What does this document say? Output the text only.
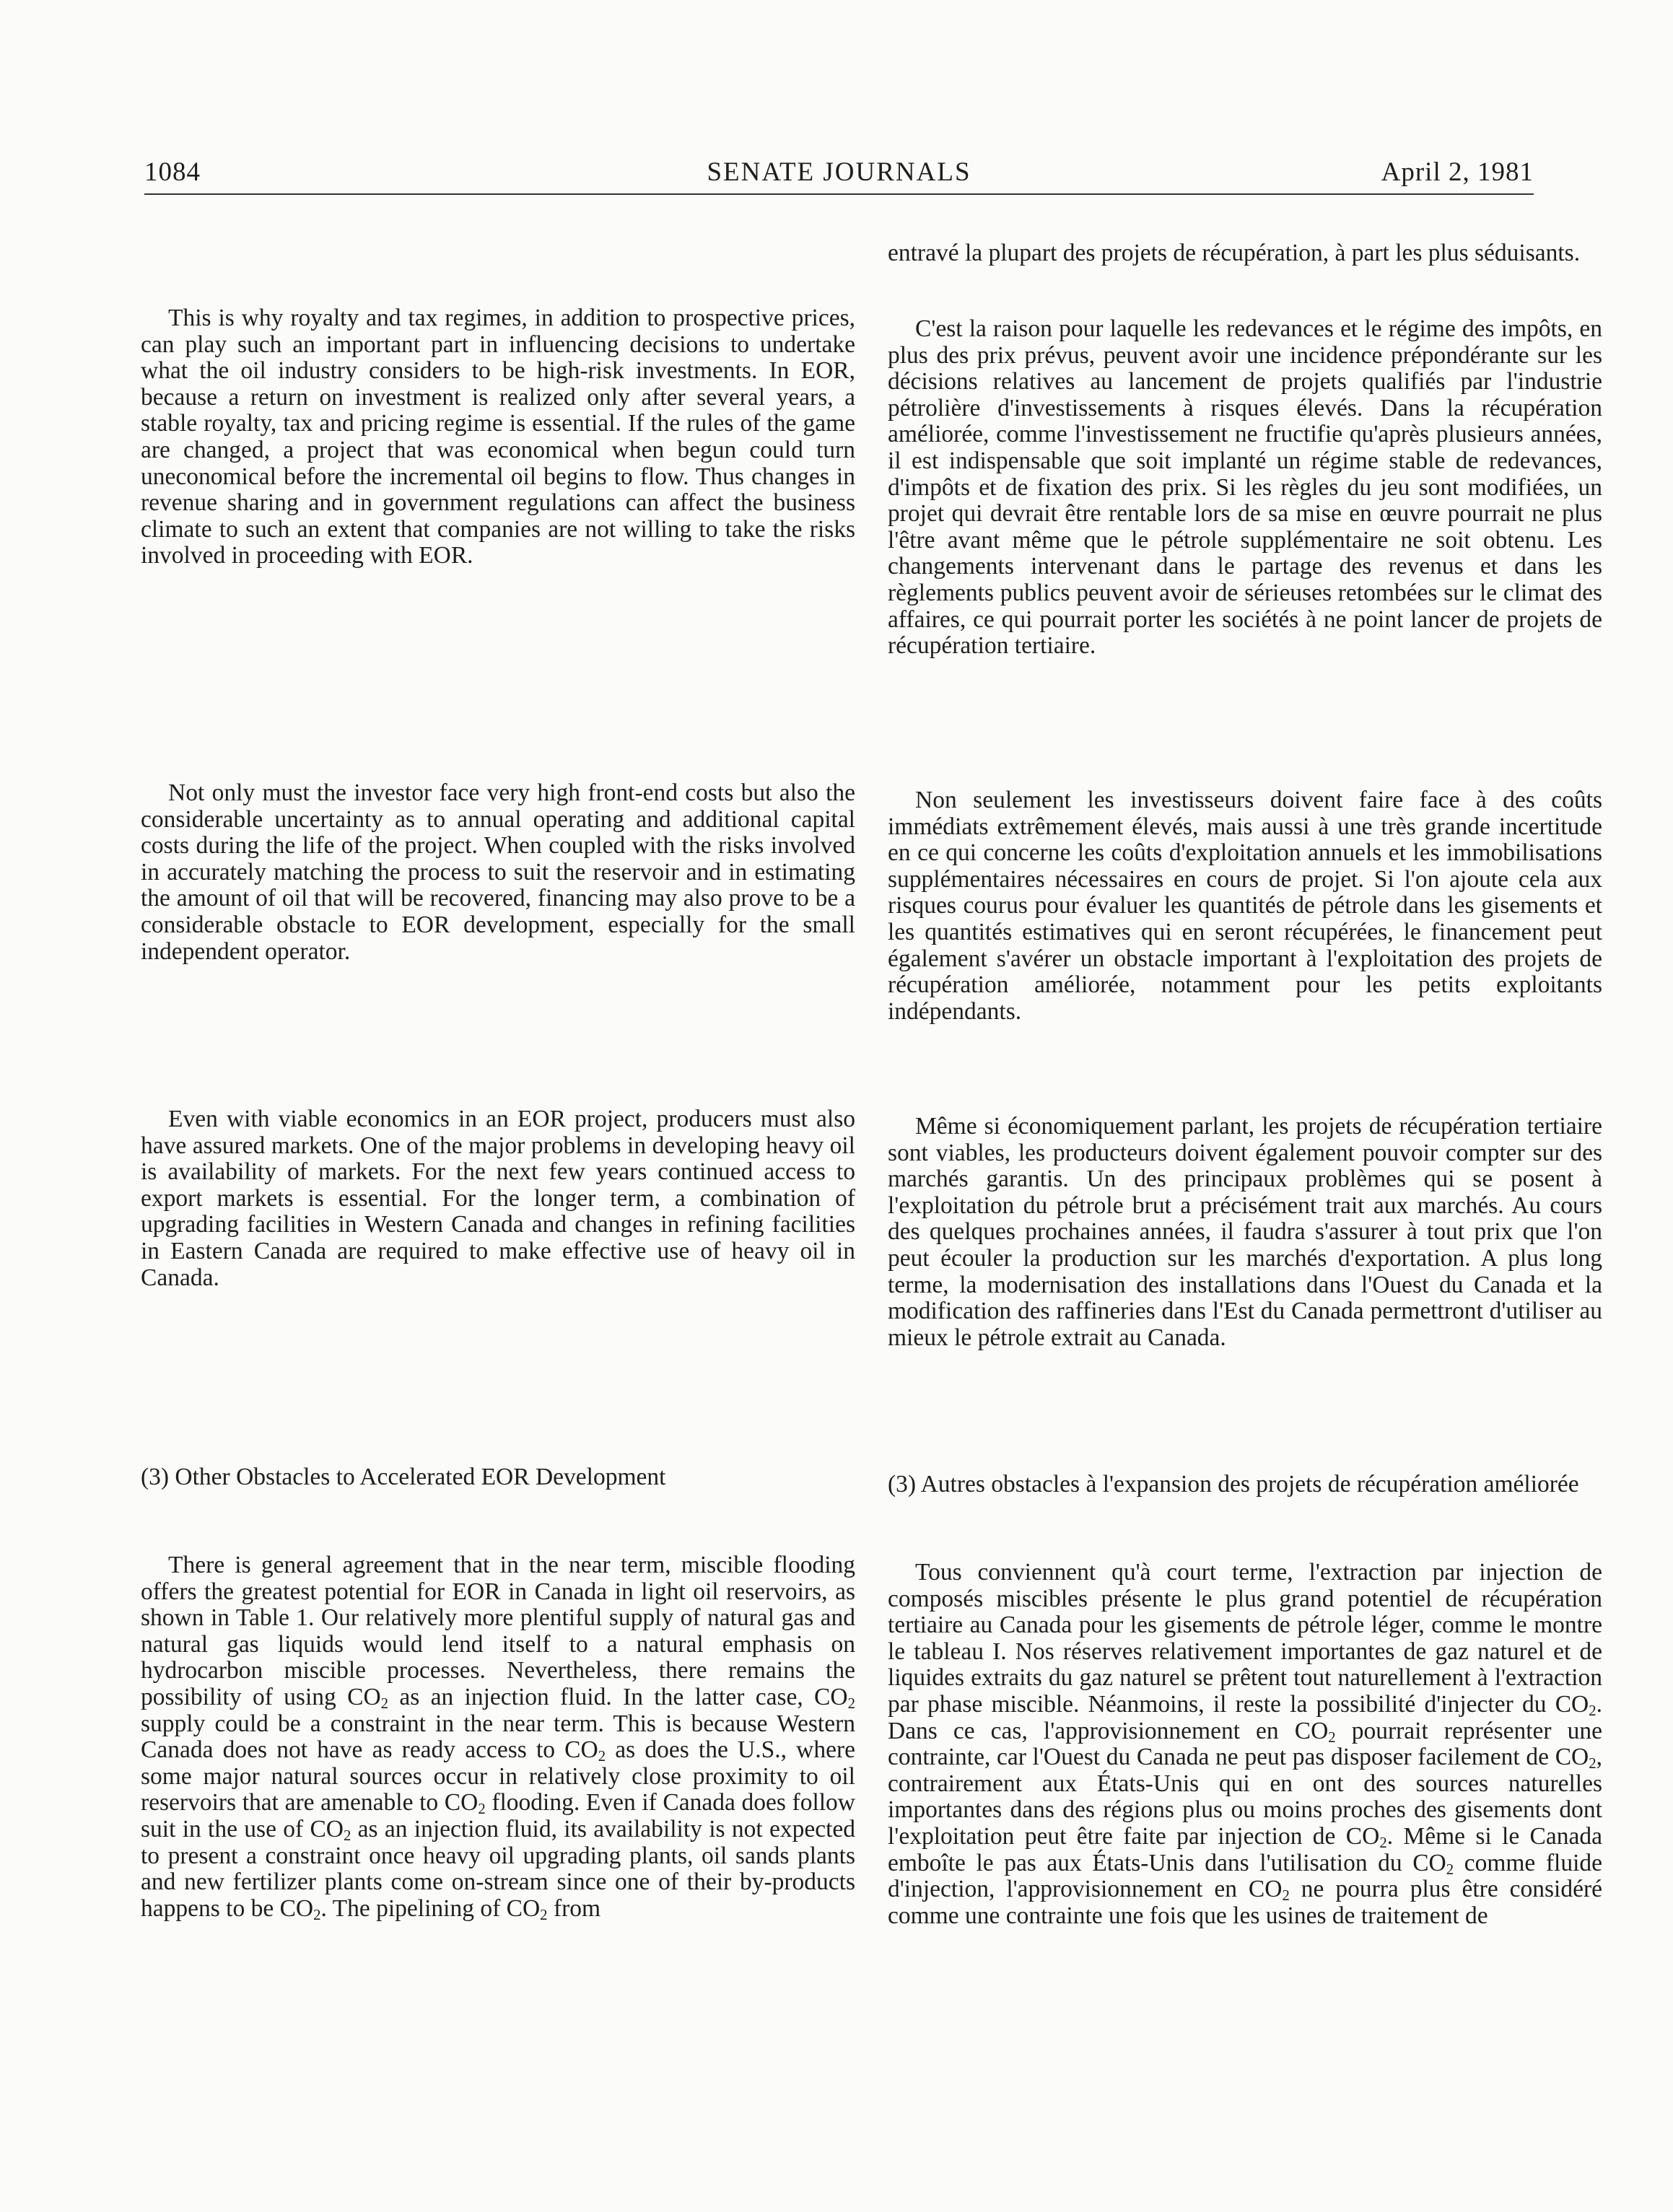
1084	SENATE JOURNALS	April 2, 1981

This is why royalty and tax regimes, in addition to prospective prices, can play such an important part in influencing decisions to undertake what the oil industry considers to be high-risk investments. In EOR, because a return on investment is realized only after several years, a stable royalty, tax and pricing regime is essential. If the rules of the game are changed, a project that was economical when begun could turn uneconomical before the incremental oil begins to flow. Thus changes in revenue sharing and in government regulations can affect the business climate to such an extent that companies are not willing to take the risks involved in proceeding with EOR.

Not only must the investor face very high front-end costs but also the considerable uncertainty as to annual operating and additional capital costs during the life of the project. When coupled with the risks involved in accurately matching the process to suit the reservoir and in estimating the amount of oil that will be recovered, financing may also prove to be a considerable obstacle to EOR development, especially for the small independent operator.

Even with viable economics in an EOR project, producers must also have assured markets. One of the major problems in developing heavy oil is availability of markets. For the next few years continued access to export markets is essential. For the longer term, a combination of upgrading facilities in Western Canada and changes in refining facilities in Eastern Canada are required to make effective use of heavy oil in Canada.

(3) Other Obstacles to Accelerated EOR Development

There is general agreement that in the near term, miscible flooding offers the greatest potential for EOR in Canada in light oil reservoirs, as shown in Table 1. Our relatively more plentiful supply of natural gas and natural gas liquids would lend itself to a natural emphasis on hydrocarbon miscible processes. Nevertheless, there remains the possibility of using $CO_2$ as an injection fluid. In the latter case, $CO_2$ supply could be a constraint in the near term. This is because Western Canada does not have as ready access to $CO_2$ as does the U.S., where some major natural sources occur in relatively close proximity to oil reservoirs that are amenable to $CO_2$ flooding. Even if Canada does follow suit in the use of $CO_2$ as an injection fluid, its availability is not expected to present a constraint once heavy oil upgrading plants, oil sands plants and new fertilizer plants come on-stream since one of their by-products happens to be $CO_2$. The pipelining of $CO_2$ from

entravé la plupart des projets de récupération, à part les plus séduisants.

C'est la raison pour laquelle les redevances et le régime des impôts, en plus des prix prévus, peuvent avoir une incidence prépondérante sur les décisions relatives au lancement de projets qualifiés par l'industrie pétrolière d'investissements à risques élevés. Dans la récupération améliorée, comme l'investissement ne fructifie qu'après plusieurs années, il est indispensable que soit implanté un régime stable de redevances, d'impôts et de fixation des prix. Si les règles du jeu sont modifiées, un projet qui devrait être rentable lors de sa mise en œuvre pourrait ne plus l'être avant même que le pétrole supplémentaire ne soit obtenu. Les changements intervenant dans le partage des revenus et dans les règlements publics peuvent avoir de sérieuses retombées sur le climat des affaires, ce qui pourrait porter les sociétés à ne point lancer de projets de récupération tertiaire.

Non seulement les investisseurs doivent faire face à des coûts immédiats extrêmement élevés, mais aussi à une très grande incertitude en ce qui concerne les coûts d'exploitation annuels et les immobilisations supplémentaires nécessaires en cours de projet. Si l'on ajoute cela aux risques courus pour évaluer les quantités de pétrole dans les gisements et les quantités estimatives qui en seront récupérées, le financement peut également s'avérer un obstacle important à l'exploitation des projets de récupération améliorée, notamment pour les petits exploitants indépendants.

Même si économiquement parlant, les projets de récupération tertiaire sont viables, les producteurs doivent également pouvoir compter sur des marchés garantis. Un des principaux problèmes qui se posent à l'exploitation du pétrole brut a précisément trait aux marchés. Au cours des quelques prochaines années, il faudra s'assurer à tout prix que l'on peut écouler la production sur les marchés d'exportation. A plus long terme, la modernisation des installations dans l'Ouest du Canada et la modification des raffineries dans l'Est du Canada permettront d'utiliser au mieux le pétrole extrait au Canada.

(3) Autres obstacles à l'expansion des projets de récupération améliorée

Tous conviennent qu'à court terme, l'extraction par injection de composés miscibles présente le plus grand potentiel de récupération tertiaire au Canada pour les gisements de pétrole léger, comme le montre le tableau I. Nos réserves relativement importantes de gaz naturel et de liquides extraits du gaz naturel se prêtent tout naturellement à l'extraction par phase miscible. Néanmoins, il reste la possibilité d'injecter du $CO_2$. Dans ce cas, l'approvisionnement en $CO_2$ pourrait représenter une contrainte, car l'Ouest du Canada ne peut pas disposer facilement de $CO_2$, contrairement aux États-Unis qui en ont des sources naturelles importantes dans des régions plus ou moins proches des gisements dont l'exploitation peut être faite par injection de $CO_2$. Même si le Canada emboîte le pas aux États-Unis dans l'utilisation du $CO_2$ comme fluide d'injection, l'approvisionnement en $CO_2$ ne pourra plus être considéré comme une contrainte une fois que les usines de traitement de
